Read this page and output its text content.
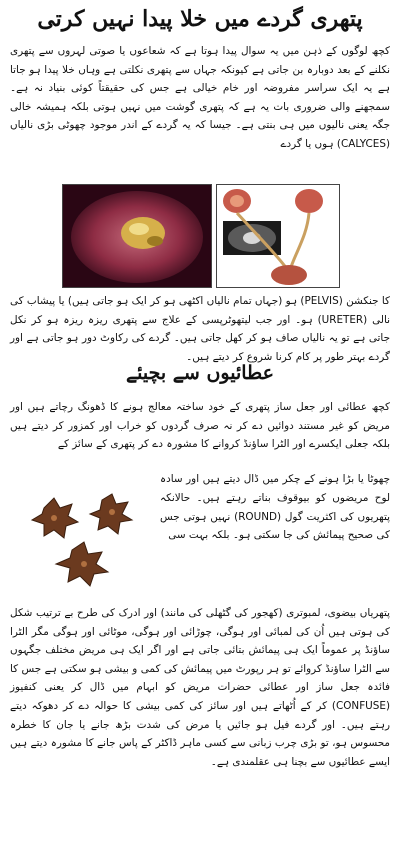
پتھری گردے میں خلا پیدا نہیں کرتی
کچھ لوگوں کے ذہن میں یہ سوال پیدا ہوتا ہے کہ شعاعوں یا صوتی لہروں سے پتھری نکلنے کے بعد دوبارہ بن جاتی ہے کیونکہ جہاں سے پتھری نکلتی ہے وہاں خلا پیدا ہو جاتا ہے یہ ایک سراسر مفروضہ اور خام خیالی ہے جس کی حقیقتاً کوئی بنیاد نہ ہے۔ سمجھنے والی ضروری بات یہ ہے کہ پتھری گوشت میں نہیں ہوتی بلکہ ہمیشہ خالی جگہ یعنی نالیوں میں ہی بنتی ہے۔ جیسا کہ یہ گردے کے اندر موجود چھوٹی بڑی نالیاں (CALYCES) ہوں یا گردے
کا جنکشن (PELVIS) ہو (جہاں تمام نالیاں اکٹھی ہو کر ایک ہو جاتی ہیں) یا پیشاب کی نالی (URETER) ہو۔ اور جب لیتھوٹرپسی کے علاج سے پتھری ریزہ ریزہ ہو کر نکل جاتی ہے تو یہ نالیاں صاف ہو کر کھل جاتی ہیں۔ گردے کی رکاوٹ دور ہو جاتی ہے اور گردے بہتر طور پر کام کرنا شروع کر دیتے ہیں۔
عطائیوں سے بچیئے
کچھ عطائی اور جعل ساز پتھری کے خود ساختہ معالج ہونے کا ڈھونگ رچاتے ہیں اور مریض کو غیر مستند دوائیں دے کر نہ صرف گردوں کو خراب اور کمزور کر دیتے ہیں بلکہ جعلی ایکسرے اور الٹرا ساؤنڈ کروانے کا مشورہ دے کر پتھری کے سائز کے
چھوٹا یا بڑا ہونے کے چکر میں ڈال دیتے ہیں اور سادہ لوح مریضوں کو بیوقوف بناتے رہتے ہیں۔ حالانکہ پتھریوں کی اکثریت گول (ROUND) نہیں ہوتی جس کی صحیح پیمائش کی جا سکتی ہو۔ بلکہ بہت سی
پتھریاں بیضوی، لمبوتری (کھجور کی گٹھلی کی مانند) اور ادرک کی طرح بے ترتیب شکل کی ہوتی ہیں اُن کی لمبائی اور ہوگی، چوڑائی اور ہوگی، موٹائی اور ہوگی مگر الٹرا ساؤنڈ پر عموماً ایک ہی پیمائش بتائی جاتی ہے اور اگر ایک ہی مریض مختلف جگہوں سے الٹرا ساؤنڈ کروائے تو ہر رپورٹ میں پیمائش کی کمی و بیشی ہو سکتی ہے جس کا فائدہ جعل ساز اور عطائی حضرات مریض کو ابہام میں ڈال کر یعنی کنفیوز (CONFUSE) کر کے اُٹھاتے ہیں اور سائز کی کمی بیشی کا حوالہ دے کر دھوکہ دیتے رہتے ہیں۔ اور گردے فیل ہو جائیں یا مرض کی شدت بڑھ جانے یا جان کا خطرہ محسوس ہو، تو بڑی چرب زبانی سے کسی ماہر ڈاکٹر کے پاس جانے کا مشورہ دیتے ہیں ایسے عطائیوں سے بچنا ہی عقلمندی ہے۔
